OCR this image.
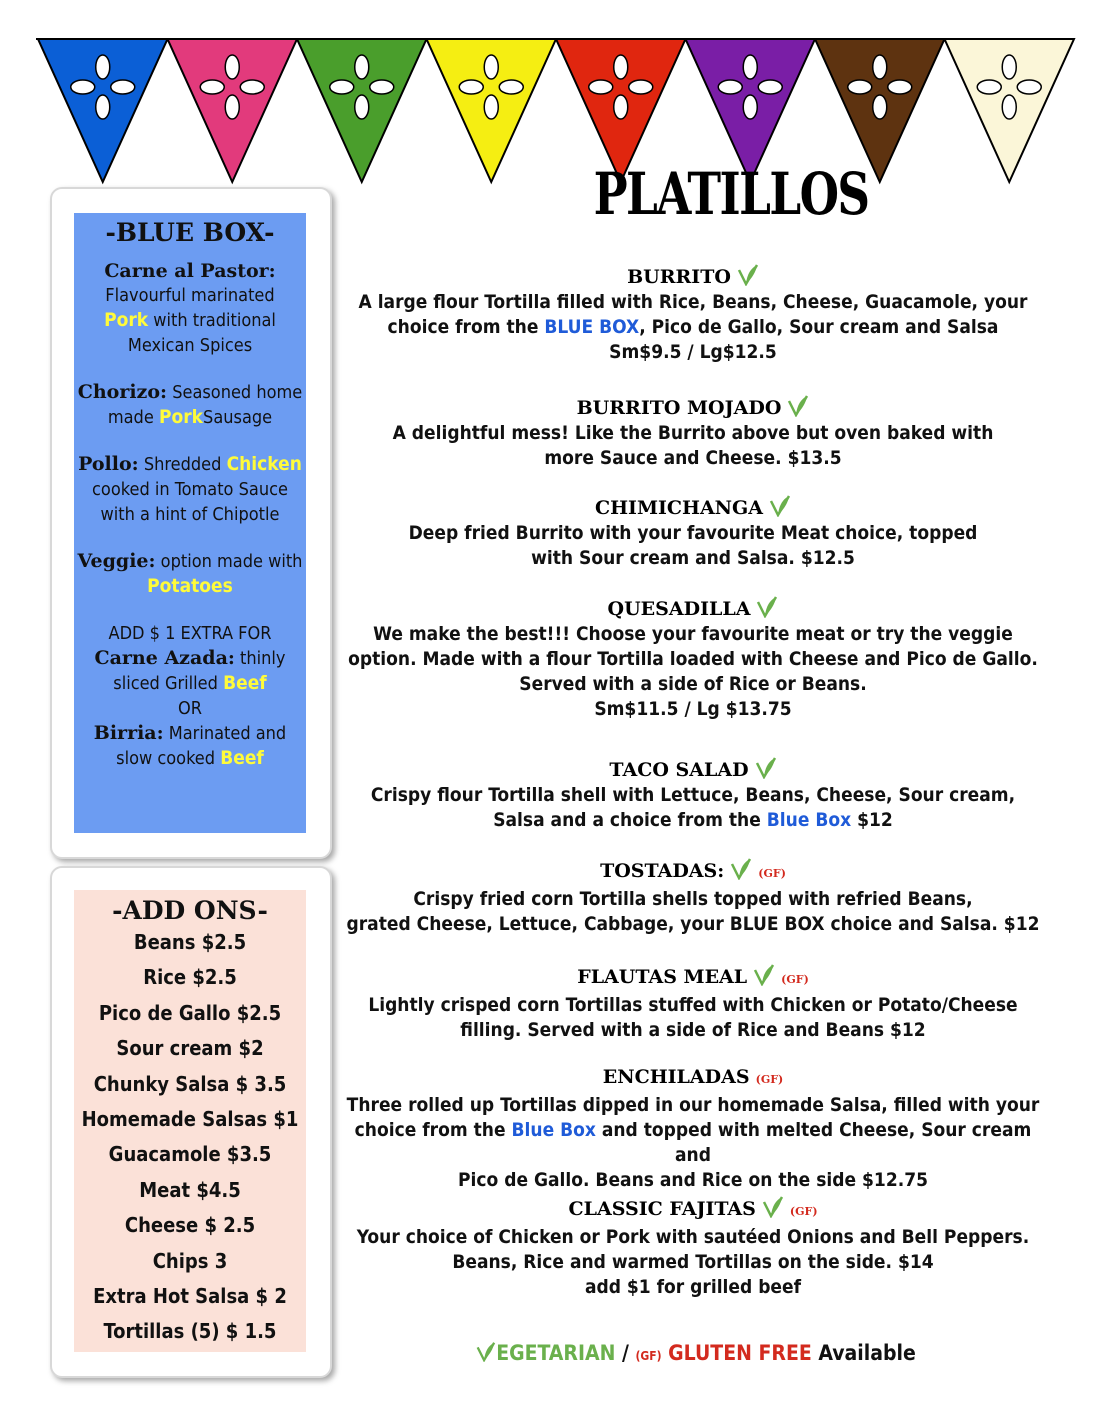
-BLUE BOX-
Carne al Pastor:
Flavourful marinated
Pork with traditional Mexican Spices
Chorizo: Seasoned home made PorkSausage
Pollo: Shredded Chicken cooked in Tomato Sauce with a hint of Chipotle
Veggie: option made with Potatoes
ADD $ 1 EXTRA FOR
Carne Azada: thinly sliced Grilled Beef
OR
Birria: Marinated and slow cooked Beef
-ADD ONS-
Beans $2.5
Rice $2.5
Pico de Gallo $2.5
Sour cream $2
Chunky Salsa $ 3.5
Homemade Salsas $1
Guacamole $3.5
Meat $4.5
Cheese $ 2.5
Chips 3
Extra Hot Salsa $ 2
Tortillas (5) $ 1.5
PLATILLOS
BURRITO
A large flour Tortilla filled with Rice, Beans, Cheese, Guacamole, your
choice from the BLUE BOX, Pico de Gallo, Sour cream and Salsa
Sm$9.5 / Lg$12.5
BURRITO MOJADO
A delightful mess! Like the Burrito above but oven baked with
more Sauce and Cheese. $13.5
CHIMICHANGA
Deep fried Burrito with your favourite Meat choice, topped
with Sour cream and Salsa. $12.5
QUESADILLA
We make the best!!! Choose your favourite meat or try the veggie
option. Made with a flour Tortilla loaded with Cheese and Pico de Gallo.
Served with a side of Rice or Beans.
Sm$11.5 / Lg $13.75
TACO SALAD
Crispy flour Tortilla shell with Lettuce, Beans, Cheese, Sour cream,
Salsa and a choice from the Blue Box $12
TOSTADAS:	(GF)
Crispy fried corn Tortilla shells topped with refried Beans,
grated Cheese, Lettuce, Cabbage, your BLUE BOX choice and Salsa. $12
FLAUTAS MEAL	(GF)
Lightly crisped corn Tortillas stuffed with Chicken or Potato/Cheese
filling. Served with a side of Rice and Beans $12
ENCHILADAS (GF)
Three rolled up Tortillas dipped in our homemade Salsa, filled with your
choice from the Blue Box and topped with melted Cheese, Sour cream and
Pico de Gallo. Beans and Rice on the side $12.75
CLASSIC FAJITAS	(GF)
Your choice of Chicken or Pork with sautéed Onions and Bell Peppers.
Beans, Rice and warmed Tortillas on the side. $14
add $1 for grilled beef
EGETARIAN / (GF) GLUTEN FREE Available
